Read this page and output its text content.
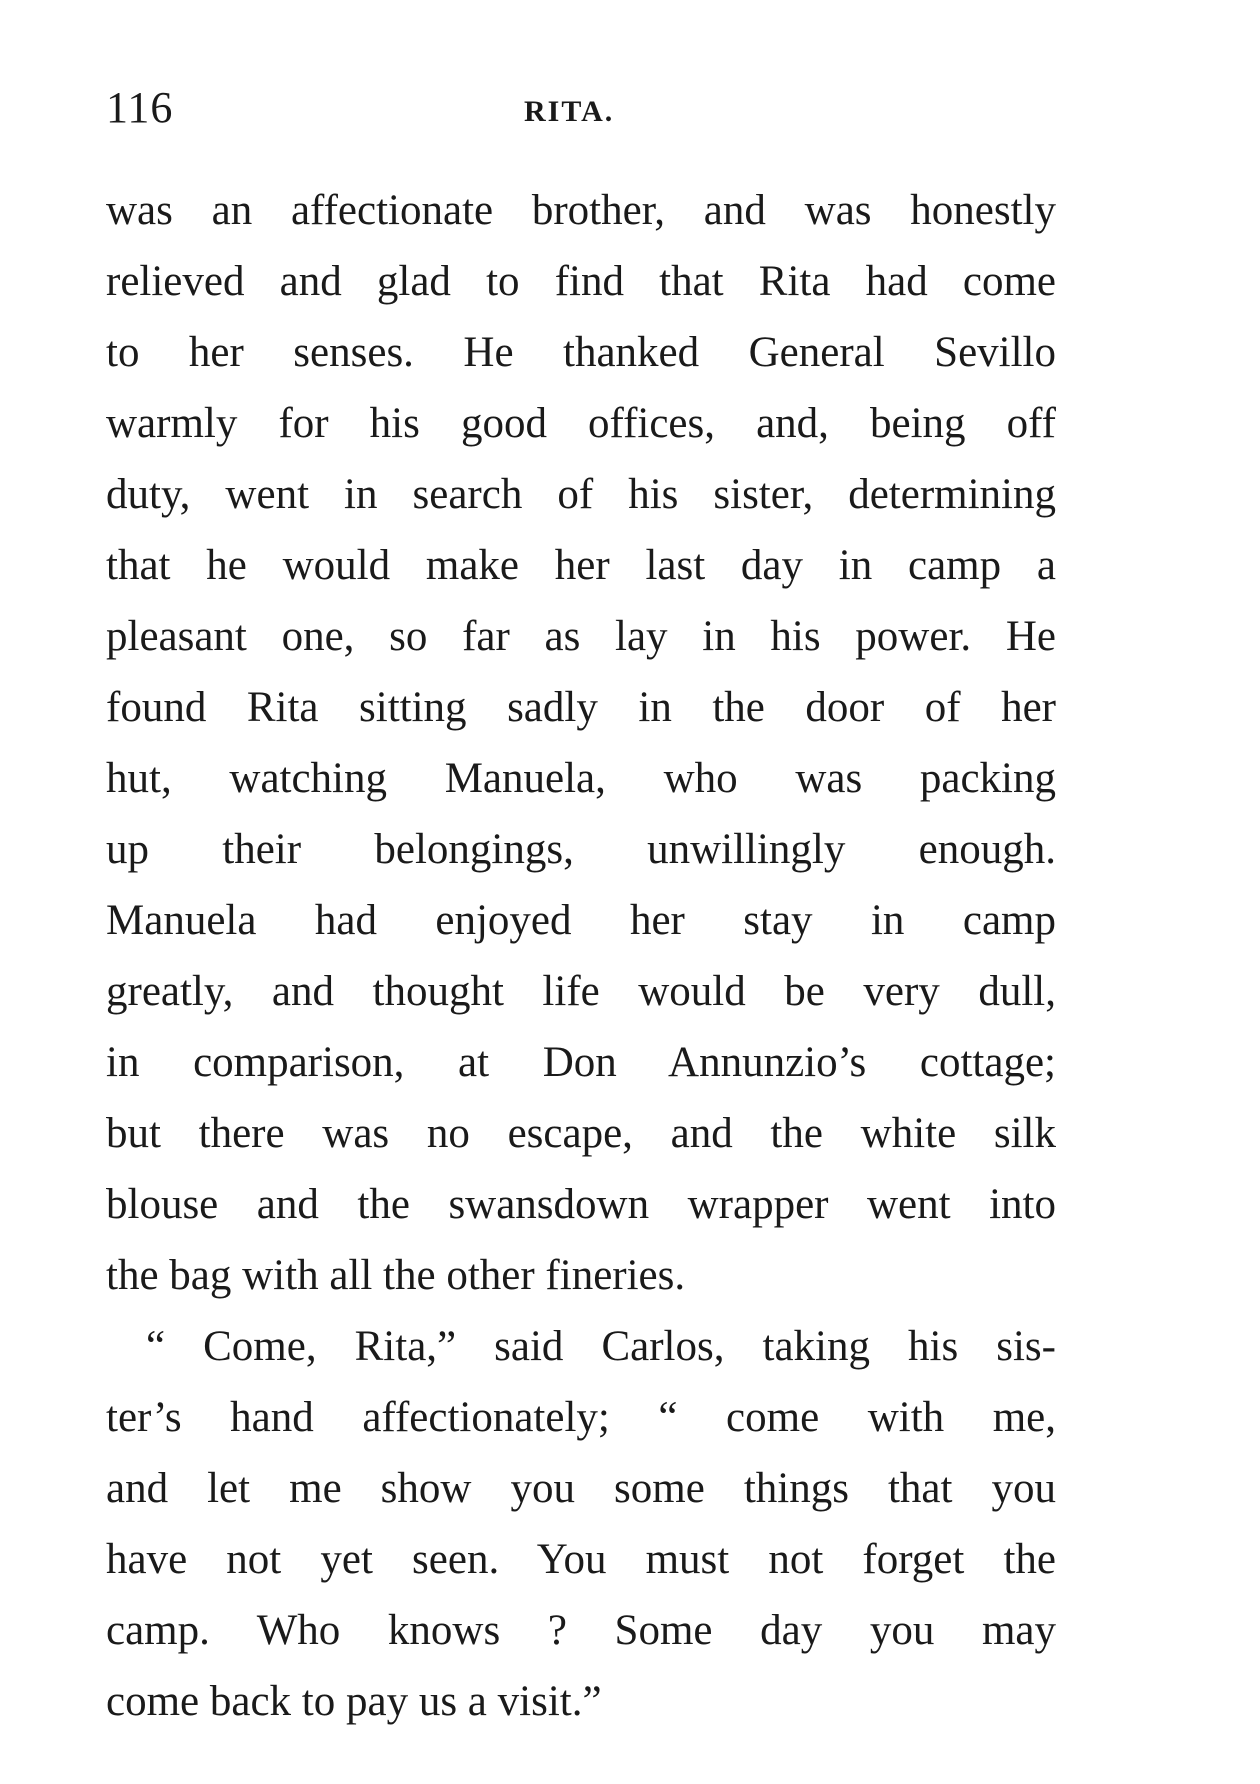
116	RITA.
was an affectionate brother, and was honestly
relieved and glad to find that Rita had come
to her senses. He thanked General Sevillo
warmly for his good offices, and, being off
duty, went in search of his sister, determining
that he would make her last day in camp a
pleasant one, so far as lay in his power. He
found Rita sitting sadly in the door of her
hut, watching Manuela, who was packing
up their belongings, unwillingly enough.
Manuela had enjoyed her stay in camp
greatly, and thought life would be very dull,
in comparison, at Don Annunzio’s cottage;
but there was no escape, and the white silk
blouse and the swansdown wrapper went into
the bag with all the other fineries.
“ Come, Rita,” said Carlos, taking his sis-
ter’s hand affectionately; “ come with me,
and let me show you some things that you
have not yet seen. You must not forget the
camp. Who knows ? Some day you may
come back to pay us a visit.”
